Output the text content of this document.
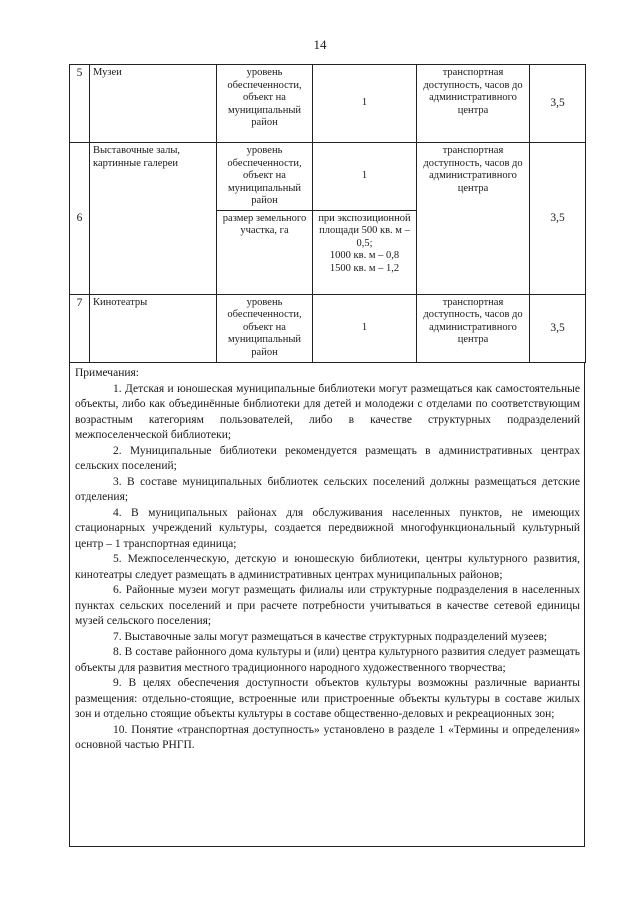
14
5	Музеи	уровень обеспеченности, объект на муниципальный район	1	транспортная доступность, часов до административного центра	3,5
6	Выставочные залы, картинные галереи	уровень обеспеченности, объект на муниципальный район	1	транспортная доступность, часов до административного центра	3,5
		размер земельного участка, га	при экспозиционной площади 500 кв. м – 0,5;
1000 кв. м – 0,8
1500 кв. м – 1,2		

7	Кинотеатры	уровень обеспеченности, объект на муниципальный район	1	транспортная доступность, часов до административного центра	3,5

Примечания:

1. Детская и юношеская муниципальные библиотеки могут размещаться как самостоятельные объекты, либо как объединённые библиотеки для детей и молодежи с отделами по соответствующим возрастным категориям пользователей, либо в качестве структурных подразделений межпоселенческой библиотеки;

2. Муниципальные библиотеки рекомендуется размещать в административных центрах сельских поселений;

3. В составе муниципальных библиотек сельских поселений должны размещаться детские отделения;

4. В муниципальных районах для обслуживания населенных пунктов, не имеющих стационарных учреждений культуры, создается передвижной многофункциональный культурный центр – 1 транспортная единица;

5. Межпоселенческую, детскую и юношескую библиотеки, центры культурного развития, кинотеатры следует размещать в административных центрах муниципальных районов;

6. Районные музеи могут размещать филиалы или структурные подразделения в населенных пунктах сельских поселений и при расчете потребности учитываться в качестве сетевой единицы музей сельского поселения;

7. Выставочные залы могут размещаться в качестве структурных подразделений музеев;

8. В составе районного дома культуры и (или) центра культурного развития следует размещать объекты для развития местного традиционного народного художественного творчества;

9. В целях обеспечения доступности объектов культуры возможны различные варианты размещения: отдельно-стоящие, встроенные или пристроенные объекты культуры в составе жилых зон и отдельно стоящие объекты культуры в составе общественно-деловых и рекреационных зон;

10. Понятие «транспортная доступность» установлено в разделе 1 «Термины и определения» основной частью РНГП.
